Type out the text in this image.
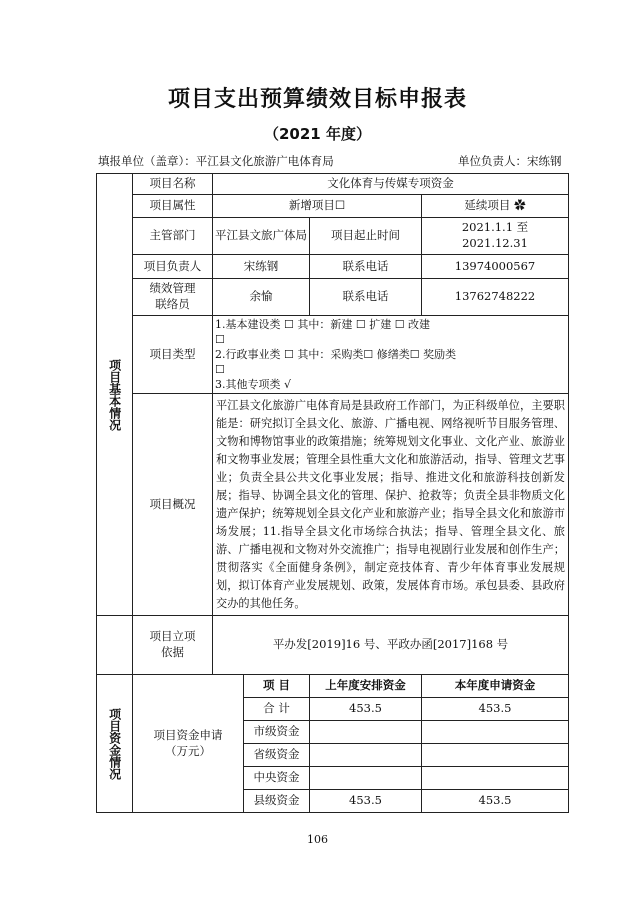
项目支出预算绩效目标申报表
（2021 年度）
填报单位（盖章）：平江县文化旅游广电体育局	单位负责人：宋练钢
项目基本情况	项目名称	文化体育与传媒专项资金			
	项目属性	新增项目☐			延续项目 ✿
	主管部门	平江县文旅广体局		项目起止时间	2021.1.1 至
2021.12.31
	项目负责人	宋练钢		联系电话	13974000567
	绩效管理
联络员	余愉		联系电话	13762748222
	项目类型	1.基本建设类 ☐ 其中：新建 ☐ 扩建 ☐ 改建
☐
2.行政事业类 ☐ 其中：采购类☐ 修缮类☐ 奖励类
☐
3.其他专项类 √			

	项目概况	平江县文化旅游广电体育局是县政府工作部门，为正科级单位，主要职能是：研究拟订全县文化、旅游、广播电视、网络视听节目服务管理、文物和博物馆事业的政策措施；统筹规划文化事业、文化产业、旅游业和文物事业发展；管理全县性重大文化和旅游活动，指导、管理文艺事业；负责全县公共文化事业发展；指导、推进文化和旅游科技创新发展；指导、协调全县文化的管理、保护、抢救等；负责全县非物质文化遗产保护；统筹规划全县文化产业和旅游产业；指导全县文化和旅游市场发展；11.指导全县文化市场综合执法；指导、管理全县文化、旅游、广播电视和文物对外交流推广；指导电视剧行业发展和创作生产；贯彻落实《全面健身条例》，制定竞技体育、青少年体育事业发展规划，拟订体育产业发展规划、政策，发展体育市场。承包县委、县政府交办的其他任务。			
	项目立项
依据	平办发[2019]16 号、平政办函[2017]168 号			

项目资金情况	项目资金申请
（万元）		项 目	上年度安排资金	本年度申请资金
			合 计	453.5	453.5
			市级资金		
			省级资金		
			中央资金		
			县级资金	453.5	453.5
106
